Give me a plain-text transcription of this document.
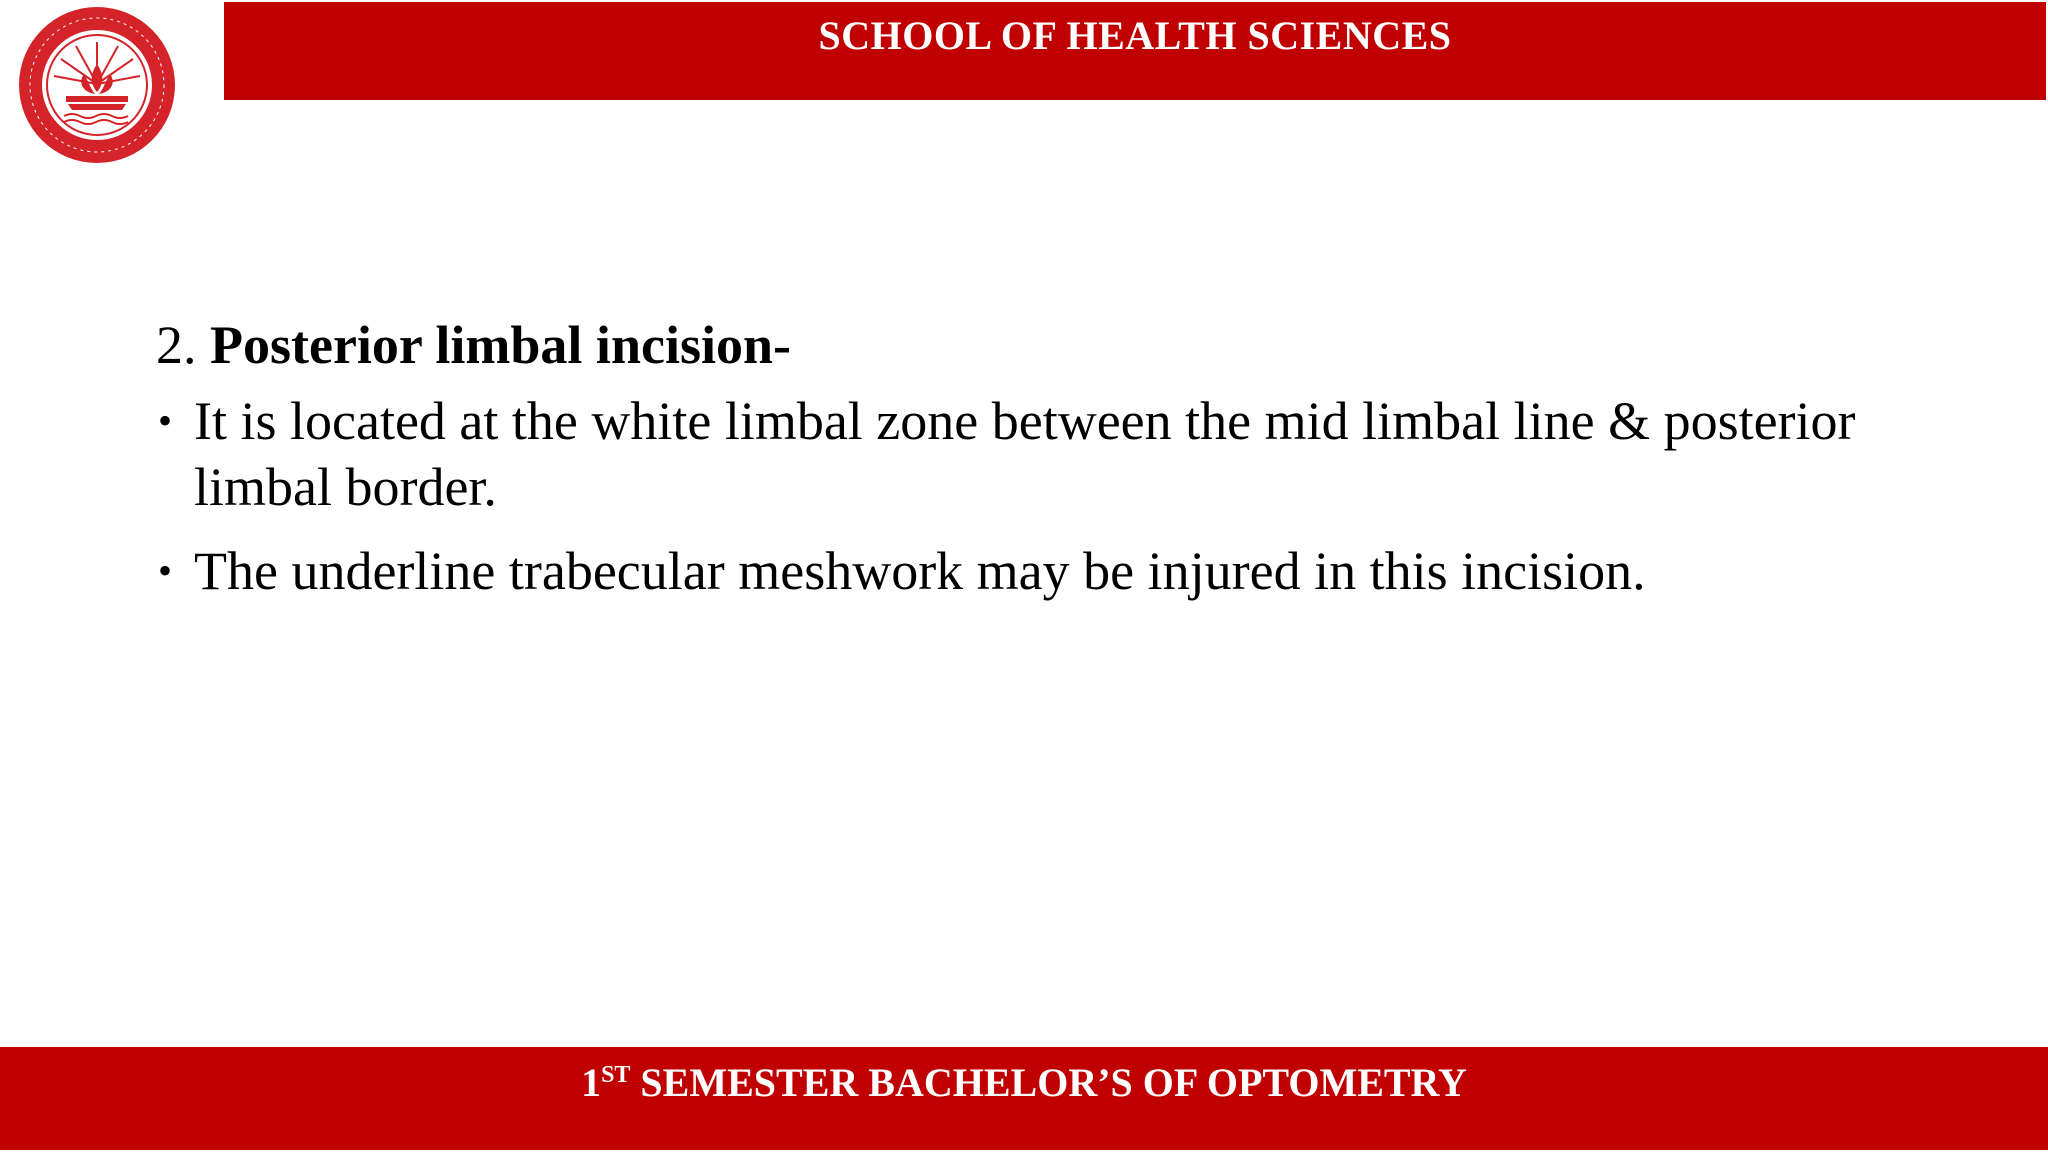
SCHOOL OF HEALTH SCIENCES
2. Posterior limbal incision-
• It is located at the white limbal zone between the mid limbal line & posterior limbal border.
• The underline trabecular meshwork may be injured in this incision.
1ST SEMESTER BACHELOR’S OF OPTOMETRY
